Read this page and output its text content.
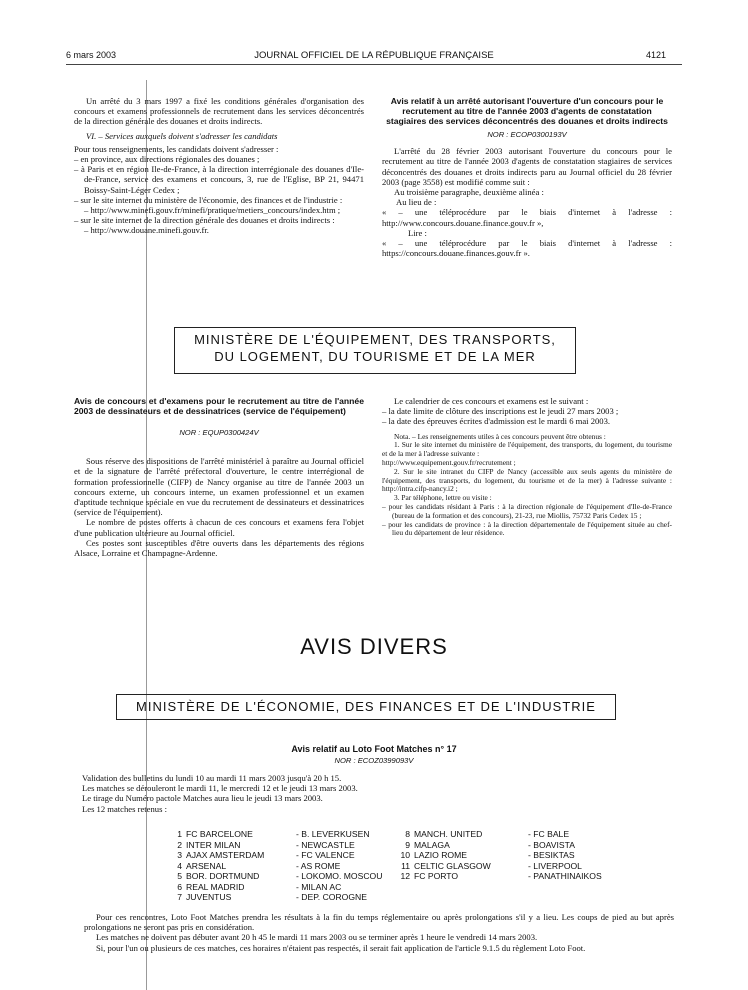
6 mars 2003	JOURNAL OFFICIEL DE LA RÉPUBLIQUE FRANÇAISE	4121

Un arrêté du 3 mars 1997 a fixé les conditions générales d'organisation des concours et examens professionnels de recrutement dans les services déconcentrés de la direction générale des douanes et droits indirects.

VI. – Services auxquels doivent s'adresser les candidats

Pour tous renseignements, les candidats doivent s'adresser :

– en province, aux directions régionales des douanes ;

– à Paris et en région Ile-de-France, à la direction interrégionale des douanes d'Ile-de-France, service des examens et concours, 3, rue de l'Eglise, BP 21, 94471 Boissy-Saint-Léger Cedex ;

– sur le site internet du ministère de l'économie, des finances et de l'industrie :

– http://www.minefi.gouv.fr/minefi/pratique/metiers_concours/index.htm ;

– sur le site internet de la direction générale des douanes et droits indirects :

– http://www.douane.minefi.gouv.fr.

Avis relatif à un arrêté autorisant l'ouverture d'un concours pour le recrutement au titre de l'année 2003 d'agents de constatation stagiaires des services déconcentrés des douanes et droits indirects

NOR : ECOP0300193V

L'arrêté du 28 février 2003 autorisant l'ouverture du concours pour le recrutement au titre de l'année 2003 d'agents de constatation stagiaires de services déconcentrés des douanes et droits indirects paru au Journal officiel du 28 février 2003 (page 3558) est modifié comme suit :

Au troisième paragraphe, deuxième alinéa :

Au lieu de :

« – une téléprocédure par le biais d'internet à l'adresse : http://www.concours.douane.finance.gouv.fr »,

Lire :

« – une téléprocédure par le biais d'internet à l'adresse : https://concours.douane.finances.gouv.fr ».

MINISTÈRE DE L'ÉQUIPEMENT, DES TRANSPORTS,
DU LOGEMENT, DU TOURISME ET DE LA MER

Avis de concours et d'examens pour le recrutement au titre de l'année 2003 de dessinateurs et de dessinatrices (service de l'équipement)

NOR : EQUP0300424V

Sous réserve des dispositions de l'arrêté ministériel à paraître au Journal officiel et de la signature de l'arrêté préfectoral d'ouverture, le centre interrégional de formation professionnelle (CIFP) de Nancy organise au titre de l'année 2003 un concours externe, un concours interne, un examen professionnel et un examen d'aptitude technique spéciale en vue du recrutement de dessinateurs et dessinatrices (service de l'équipement).

Le nombre de postes offerts à chacun de ces concours et examens fera l'objet d'une publication ultérieure au Journal officiel.

Ces postes sont susceptibles d'être ouverts dans les départements des régions Alsace, Lorraine et Champagne-Ardenne.

Le calendrier de ces concours et examens est le suivant :

– la date limite de clôture des inscriptions est le jeudi 27 mars 2003 ;

– la date des épreuves écrites d'admission est le mardi 6 mai 2003.

Nota. – Les renseignements utiles à ces concours peuvent être obtenus :

1. Sur le site internet du ministère de l'équipement, des transports, du logement, du tourisme et de la mer à l'adresse suivante :

http://www.equipement.gouv.fr/recrutement ;

2. Sur le site intranet du CIFP de Nancy (accessible aux seuls agents du ministère de l'équipement, des transports, du logement, du tourisme et de la mer) à l'adresse suivante : http://intra.cifp-nancy.i2 ;

3. Par téléphone, lettre ou visite :

– pour les candidats résidant à Paris : à la direction régionale de l'équipement d'Ile-de-France (bureau de la formation et des concours), 21-23, rue Miollis, 75732 Paris Cedex 15 ;

– pour les candidats de province : à la direction départementale de l'équipement située au chef-lieu du département de leur résidence.

AVIS DIVERS
MINISTÈRE DE L'ÉCONOMIE, DES FINANCES ET DE L'INDUSTRIE
Avis relatif au Loto Foot Matches n° 17
NOR : ECOZ0399093V

Validation des bulletins du lundi 10 au mardi 11 mars 2003 jusqu'à 20 h 15.

Les matches se dérouleront le mardi 11, le mercredi 12 et le jeudi 13 mars 2003.

Le tirage du Numéro pactole Matches aura lieu le jeudi 13 mars 2003.

Les 12 matches retenus :

1	FC BARCELONE	- B. LEVERKUSEN	8	MANCH. UNITED	- FC BALE
2	INTER MILAN	- NEWCASTLE	9	MALAGA	- BOAVISTA
3	AJAX AMSTERDAM	- FC VALENCE	10	LAZIO ROME	- BESIKTAS
4	ARSENAL	- AS ROME	11	CELTIC GLASGOW	- LIVERPOOL
5	BOR. DORTMUND	- LOKOMO. MOSCOU	12	FC PORTO	- PANATHINAIKOS
6	REAL MADRID	- MILAN AC			
7	JUVENTUS	- DEP. COROGNE			

Pour ces rencontres, Loto Foot Matches prendra les résultats à la fin du temps réglementaire ou après prolongations s'il y a lieu. Les coups de pied au but après prolongations ne seront pas pris en considération.

Les matches ne doivent pas débuter avant 20 h 45 le mardi 11 mars 2003 ou se terminer après 1 heure le vendredi 14 mars 2003.

Si, pour l'un ou plusieurs de ces matches, ces horaires n'étaient pas respectés, il serait fait application de l'article 9.1.5 du règlement Loto Foot.
